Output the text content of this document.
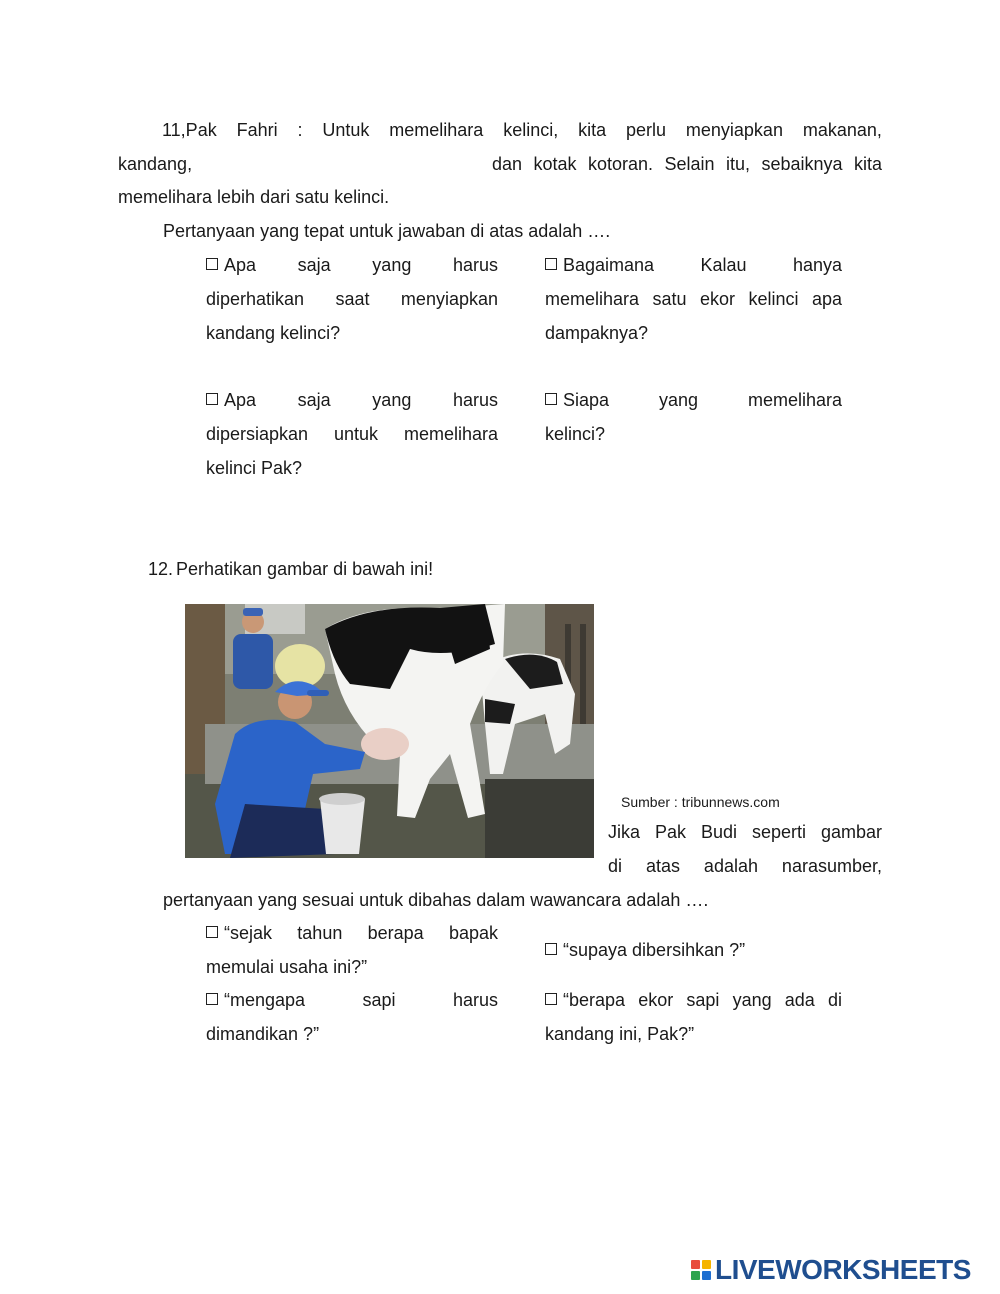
11,Pak Fahri : Untuk memelihara kelinci, kita perlu menyiapkan makanan,
kandang,	dan kotak kotoran. Selain itu, sebaiknya kita
memelihara lebih dari satu kelinci.
Pertanyaan yang tepat untuk jawaban di atas adalah ….
Apa saja yang harus
diperhatikan saat menyiapkan
kandang kelinci?
Bagaimana Kalau hanya
memelihara satu ekor kelinci apa
dampaknya?
Apa saja yang harus
dipersiapkan untuk memelihara
kelinci Pak?
Siapa yang memelihara
kelinci?
12. Perhatikan gambar di bawah ini!
Sumber : tribunnews.com
Jika Pak Budi seperti gambar
di atas adalah narasumber,
pertanyaan yang sesuai untuk dibahas dalam wawancara adalah ….
“sejak tahun berapa bapak
memulai usaha ini?”
“supaya dibersihkan ?”
“mengapa sapi harus
dimandikan ?”
“berapa ekor sapi yang ada di
kandang ini, Pak?”
LIVEWORKSHEETS
